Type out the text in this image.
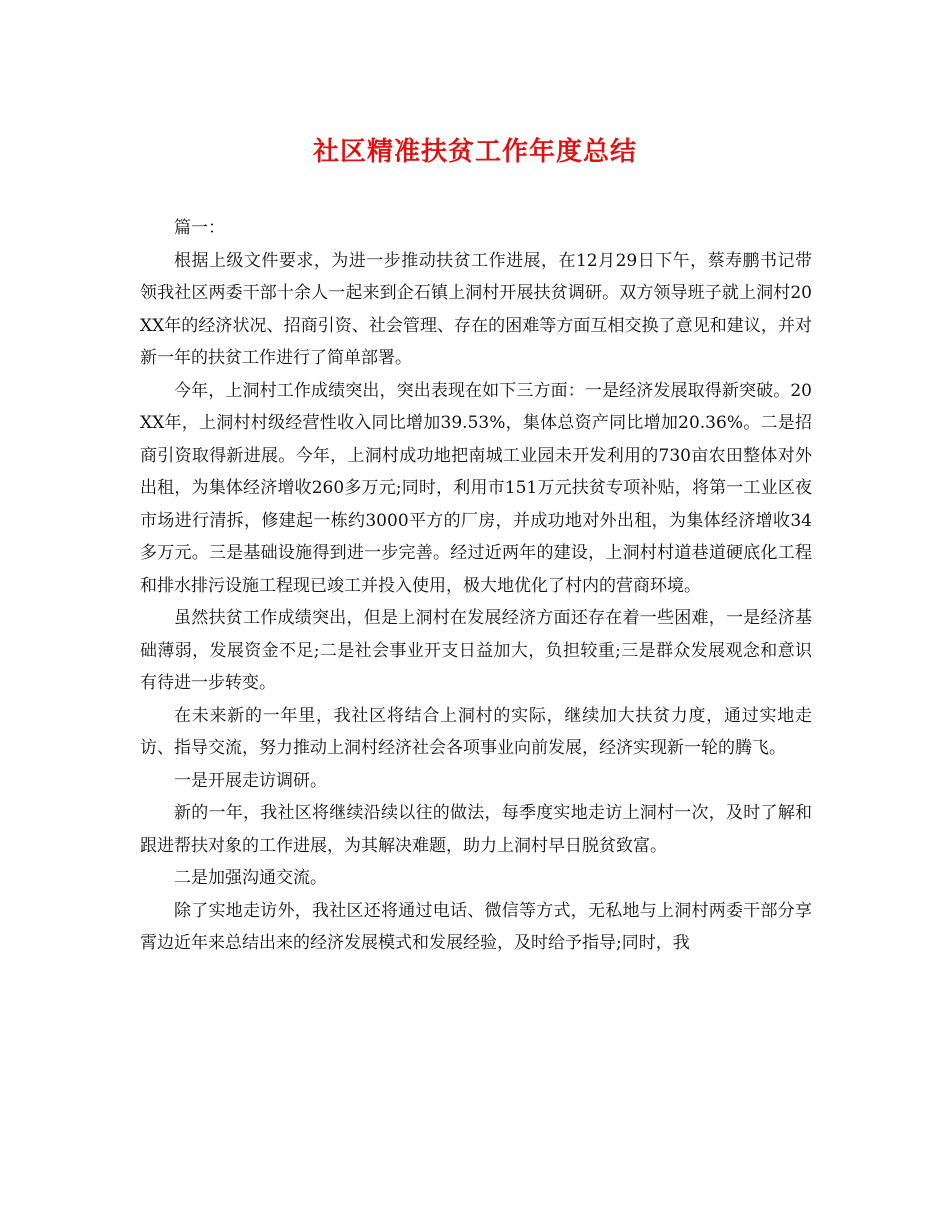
社区精准扶贫工作年度总结

篇一：

根据上级文件要求，为进一步推动扶贫工作进展，在12月29日下午，蔡寿鹏书记带领我社区两委干部十余人一起来到企石镇上洞村开展扶贫调研。双方领导班子就上洞村20XX年的经济状况、招商引资、社会管理、存在的困难等方面互相交换了意见和建议，并对新一年的扶贫工作进行了简单部署。

今年，上洞村工作成绩突出，突出表现在如下三方面：一是经济发展取得新突破。20XX年，上洞村村级经营性收入同比增加39.53%，集体总资产同比增加20.36%。二是招商引资取得新进展。今年，上洞村成功地把南城工业园未开发利用的730亩农田整体对外出租，为集体经济增收260多万元;同时，利用市151万元扶贫专项补贴，将第一工业区夜市场进行清拆，修建起一栋约3000平方的厂房，并成功地对外出租，为集体经济增收34多万元。三是基础设施得到进一步完善。经过近两年的建设，上洞村村道巷道硬底化工程和排水排污设施工程现已竣工并投入使用，极大地优化了村内的营商环境。

虽然扶贫工作成绩突出，但是上洞村在发展经济方面还存在着一些困难，一是经济基础薄弱，发展资金不足;二是社会事业开支日益加大，负担较重;三是群众发展观念和意识有待进一步转变。

在未来新的一年里，我社区将结合上洞村的实际，继续加大扶贫力度，通过实地走访、指导交流，努力推动上洞村经济社会各项事业向前发展，经济实现新一轮的腾飞。

一是开展走访调研。

新的一年，我社区将继续沿续以往的做法，每季度实地走访上洞村一次，及时了解和跟进帮扶对象的工作进展，为其解决难题，助力上洞村早日脱贫致富。

二是加强沟通交流。

除了实地走访外，我社区还将通过电话、微信等方式，无私地与上洞村两委干部分享霄边近年来总结出来的经济发展模式和发展经验，及时给予指导;同时，我
